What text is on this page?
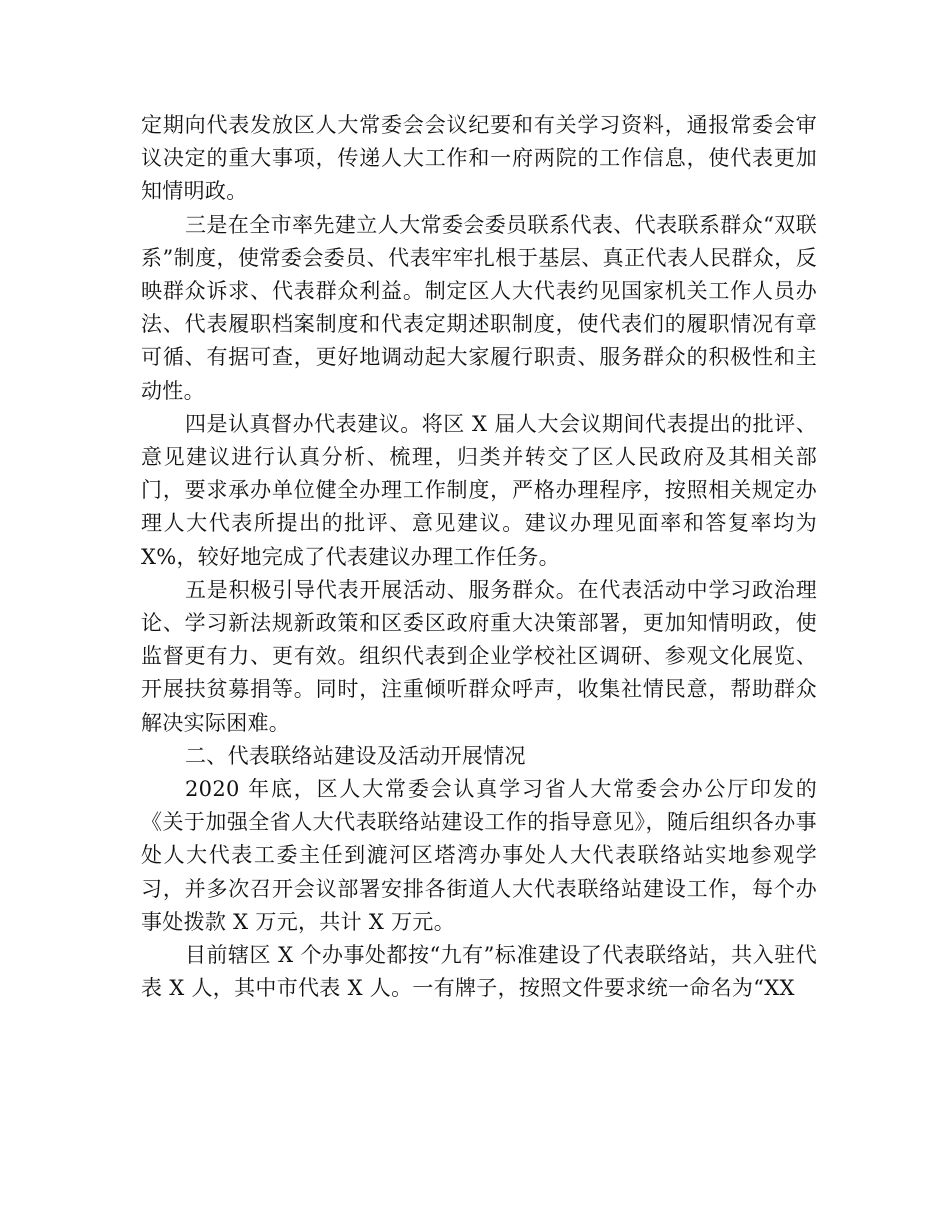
定期向代表发放区人大常委会会议纪要和有关学习资料，通报常委会审议决定的重大事项，传递人大工作和一府两院的工作信息，使代表更加知情明政。

三是在全市率先建立人大常委会委员联系代表、代表联系群众“双联系”制度，使常委会委员、代表牢牢扎根于基层、真正代表人民群众，反映群众诉求、代表群众利益。制定区人大代表约见国家机关工作人员办法、代表履职档案制度和代表定期述职制度，使代表们的履职情况有章可循、有据可查，更好地调动起大家履行职责、服务群众的积极性和主动性。

四是认真督办代表建议。将区 X 届人大会议期间代表提出的批评、意见建议进行认真分析、梳理，归类并转交了区人民政府及其相关部门，要求承办单位健全办理工作制度，严格办理程序，按照相关规定办理人大代表所提出的批评、意见建议。建议办理见面率和答复率均为 X%，较好地完成了代表建议办理工作任务。

五是积极引导代表开展活动、服务群众。在代表活动中学习政治理论、学习新法规新政策和区委区政府重大决策部署，更加知情明政，使监督更有力、更有效。组织代表到企业学校社区调研、参观文化展览、开展扶贫募捐等。同时，注重倾听群众呼声，收集社情民意，帮助群众解决实际困难。

二、代表联络站建设及活动开展情况

2020 年底，区人大常委会认真学习省人大常委会办公厅印发的《关于加强全省人大代表联络站建设工作的指导意见》，随后组织各办事处人大代表工委主任到漉河区塔湾办事处人大代表联络站实地参观学习，并多次召开会议部署安排各街道人大代表联络站建设工作，每个办事处拨款 X 万元，共计 X 万元。

目前辖区 X 个办事处都按“九有”标准建设了代表联络站，共入驻代表 X 人，其中市代表 X 人。一有牌子，按照文件要求统一命名为“XX
